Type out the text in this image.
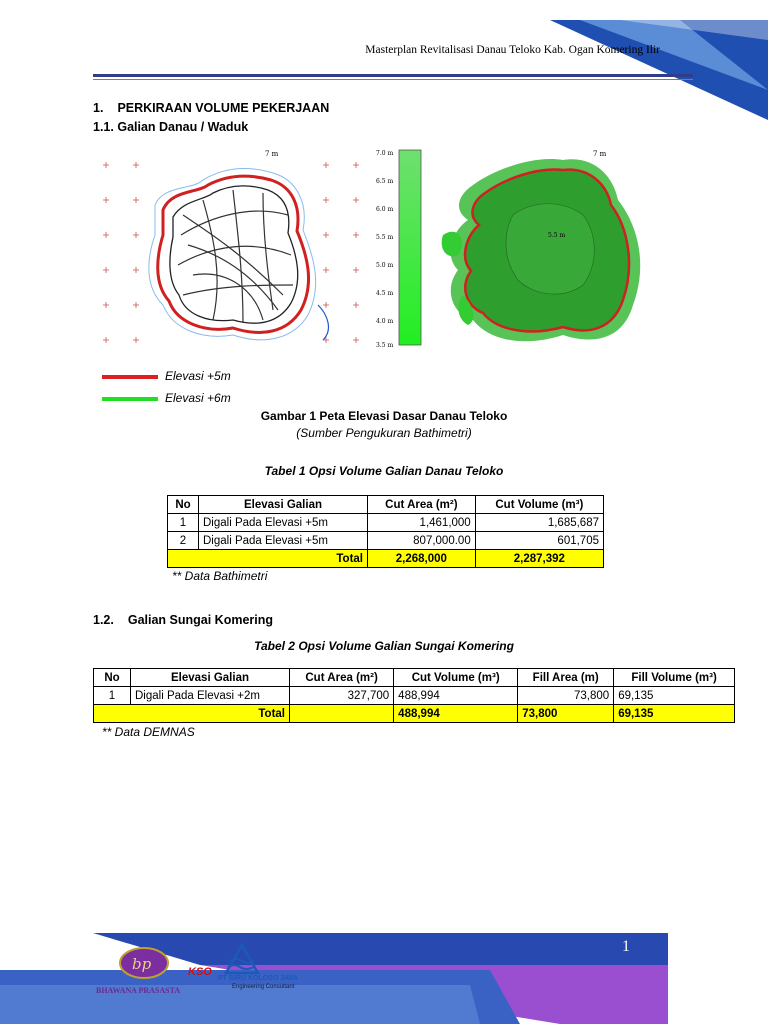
Masterplan Revitalisasi Danau Teloko Kab. Ogan Komering Ilir
1. PERKIRAAN VOLUME PEKERJAAN
1.1. Galian Danau / Waduk
7 m	7.0 m
6.5 m
6.0 m
5.5 m
5.0 m
4.5 m
4.0 m
3.5 m
7 m
5.5 m
Elevasi +5m
Elevasi +6m
Gambar 1 Peta Elevasi Dasar Danau Teloko
(Sumber Pengukuran Bathimetri)
Tabel 1 Opsi Volume Galian Danau Teloko
No	Elevasi Galian	Cut Area (m²)	Cut Volume (m³)
1	Digali Pada Elevasi +5m	1,461,000	1,685,687
2	Digali Pada Elevasi +5m	807,000.00	601,705
Total		2,268,000	2,287,392
** Data Bathimetri
1.2. Galian Sungai Komering
Tabel 2 Opsi Volume Galian Sungai Komering
No	Elevasi Galian	Cut Area (m²)	Cut Volume (m³)	Fill Area (m)	Fill Volume (m³)
1	Digali Pada Elevasi +2m	327,700	488,994	73,800	69,135
Total			488,994	73,800	69,135
** Data DEMNAS
1
bp
BHAWANA PRASASTA
KSO
PT BIRU KOLOSO JAVA
Engineering Consultant
